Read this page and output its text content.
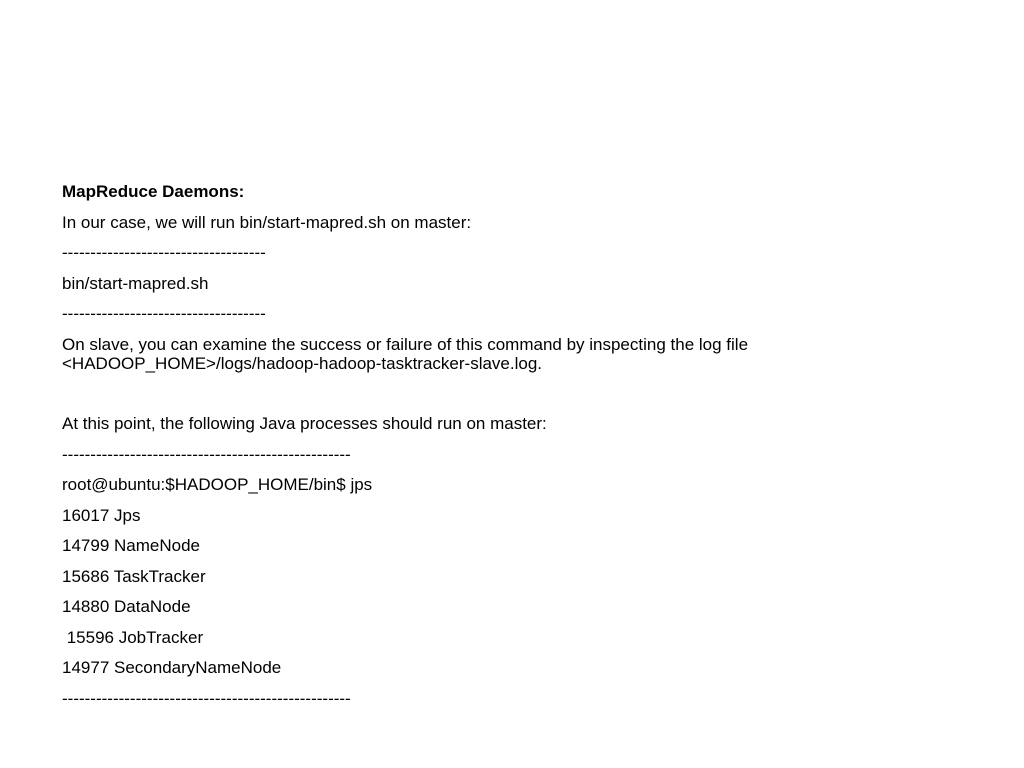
MapReduce Daemons:
In our case, we will run bin/start-mapred.sh on master:
------------------------------------
bin/start-mapred.sh
------------------------------------
On slave, you can examine the success or failure of this command by inspecting the log file
<HADOOP_HOME>/logs/hadoop-hadoop-tasktracker-slave.log.
At this point, the following Java processes should run on master:
---------------------------------------------------
root@ubuntu:$HADOOP_HOME/bin$ jps
16017 Jps
14799 NameNode
15686 TaskTracker
14880 DataNode
15596 JobTracker
14977 SecondaryNameNode
---------------------------------------------------
